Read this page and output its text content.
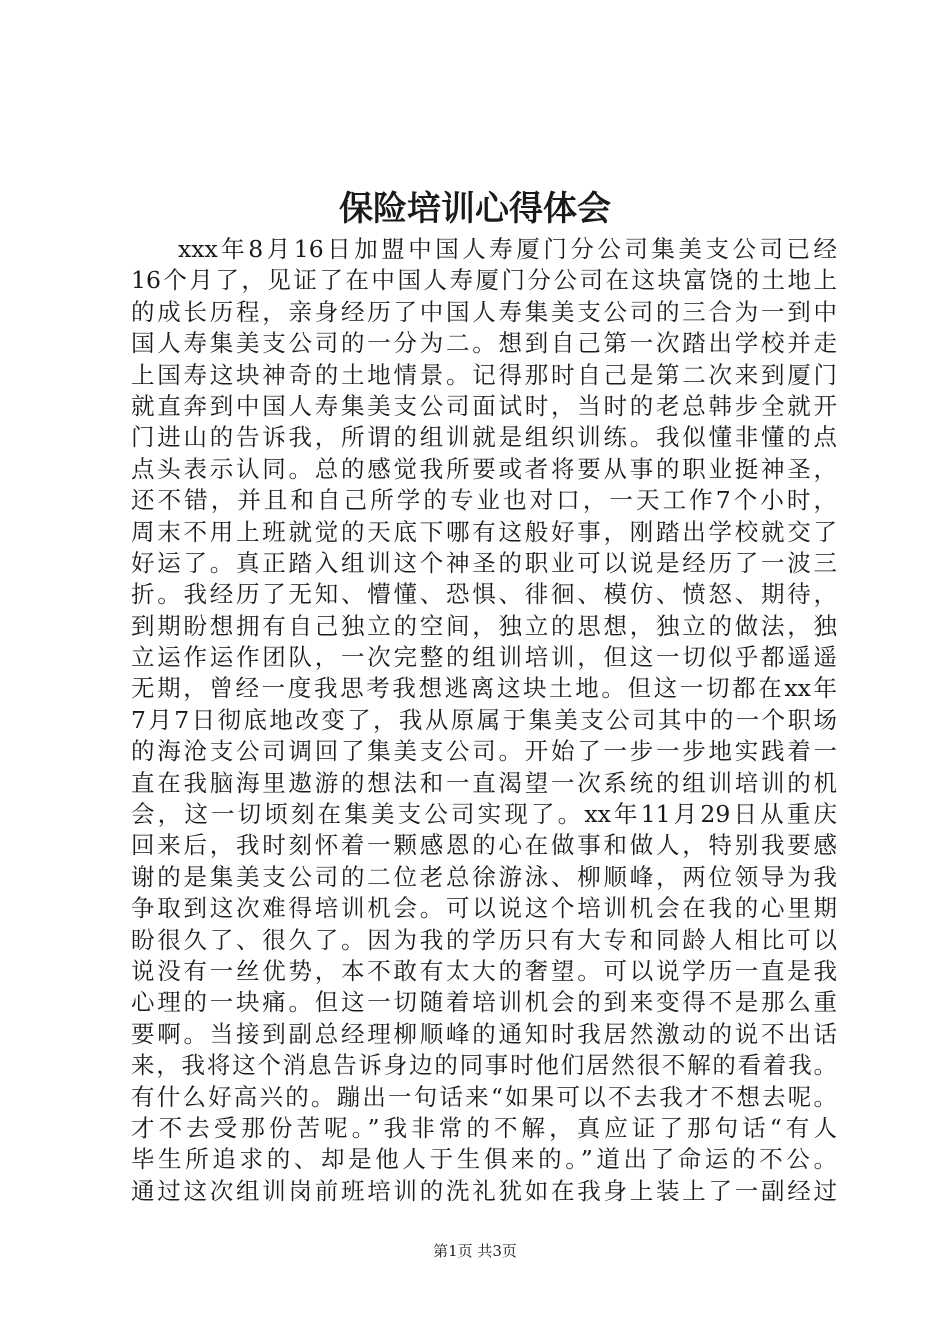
保险培训心得体会
xxx年8月16日加盟中国人寿厦门分公司集美支公司已经
16个月了，见证了在中国人寿厦门分公司在这块富饶的土地上
的成长历程，亲身经历了中国人寿集美支公司的三合为一到中
国人寿集美支公司的一分为二。想到自己第一次踏出学校并走
上国寿这块神奇的土地情景。记得那时自己是第二次来到厦门
就直奔到中国人寿集美支公司面试时，当时的老总韩步全就开
门进山的告诉我，所谓的组训就是组织训练。我似懂非懂的点
点头表示认同。总的感觉我所要或者将要从事的职业挺神圣，
还不错，并且和自己所学的专业也对口，一天工作7个小时，
周末不用上班就觉的天底下哪有这般好事，刚踏出学校就交了
好运了。真正踏入组训这个神圣的职业可以说是经历了一波三
折。我经历了无知、懵懂、恐惧、徘徊、模仿、愤怒、期待，
到期盼想拥有自己独立的空间，独立的思想，独立的做法，独
立运作运作团队，一次完整的组训培训，但这一切似乎都遥遥
无期，曾经一度我思考我想逃离这块土地。但这一切都在xx年
7月7日彻底地改变了，我从原属于集美支公司其中的一个职场
的海沧支公司调回了集美支公司。开始了一步一步地实践着一
直在我脑海里遨游的想法和一直渴望一次系统的组训培训的机
会，这一切顷刻在集美支公司实现了。xx年11月29日从重庆
回来后，我时刻怀着一颗感恩的心在做事和做人，特别我要感
谢的是集美支公司的二位老总徐游泳、柳顺峰，两位领导为我
争取到这次难得培训机会。可以说这个培训机会在我的心里期
盼很久了、很久了。因为我的学历只有大专和同龄人相比可以
说没有一丝优势，本不敢有太大的奢望。可以说学历一直是我
心理的一块痛。但这一切随着培训机会的到来变得不是那么重
要啊。当接到副总经理柳顺峰的通知时我居然激动的说不出话
来，我将这个消息告诉身边的同事时他们居然很不解的看着我。
有什么好高兴的。蹦出一句话来“如果可以不去我才不想去呢。
才不去受那份苦呢。”我非常的不解，真应证了那句话“有人
毕生所追求的、却是他人于生俱来的。”道出了命运的不公。
通过这次组训岗前班培训的洗礼犹如在我身上装上了一副经过
第1页 共3页
